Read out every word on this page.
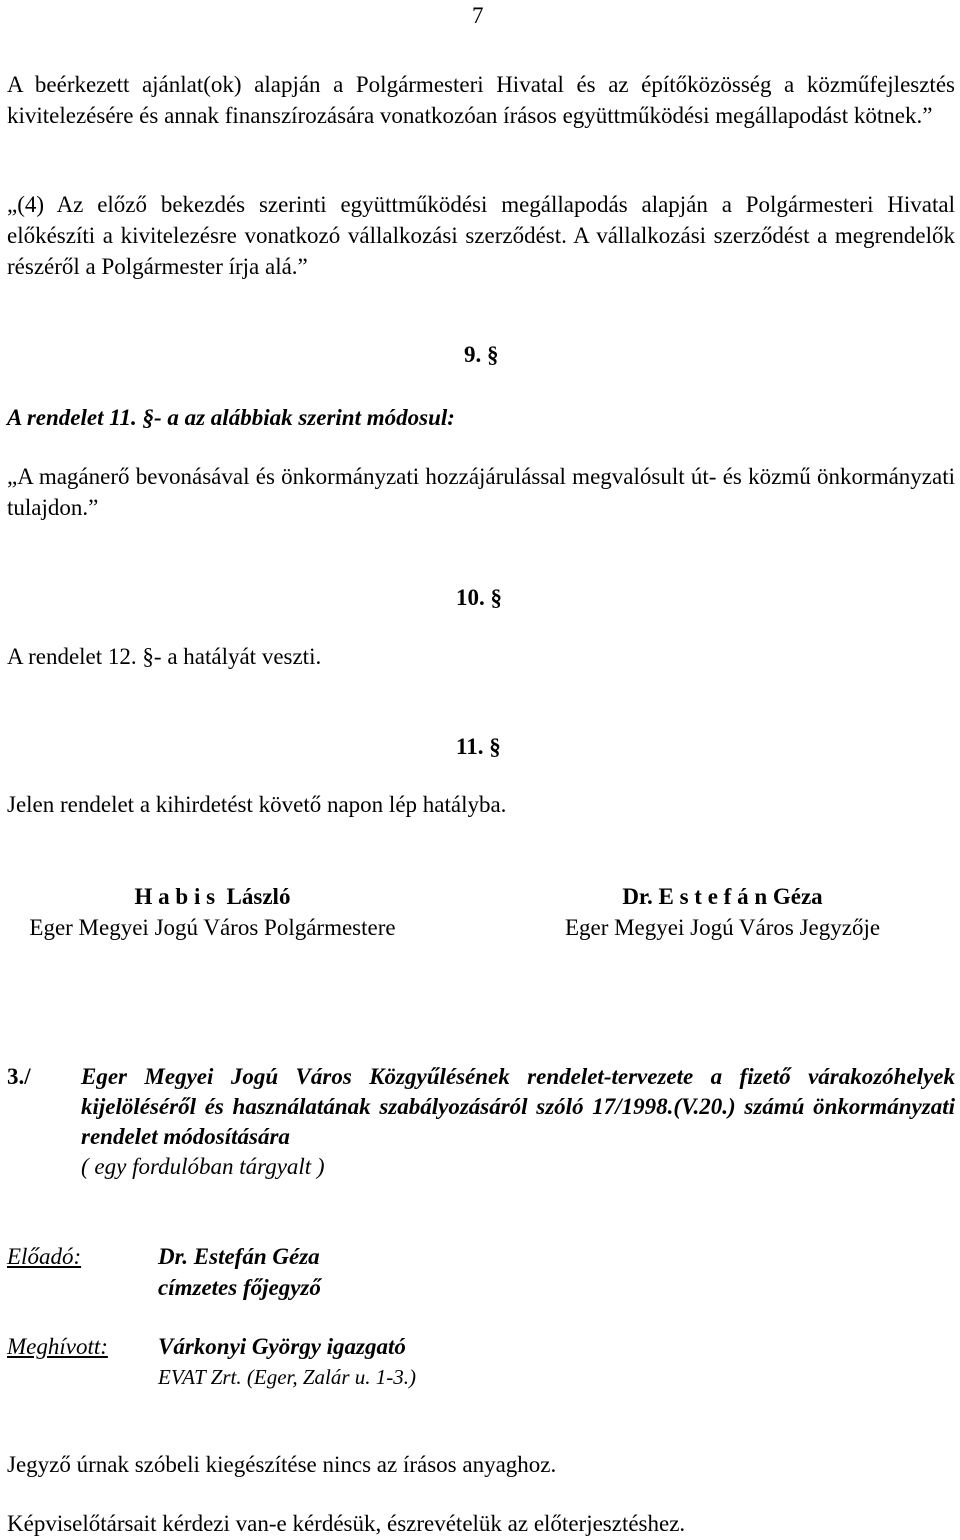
7

A beérkezett ajánlat(ok) alapján a Polgármesteri Hivatal és az építőközösség a közműfejlesztés kivitelezésére és annak finanszírozására vonatkozóan írásos együttműködési megállapodást kötnek.”

„(4) Az előző bekezdés szerinti együttműködési megállapodás alapján a Polgármesteri Hivatal előkészíti a kivitelezésre vonatkozó vállalkozási szerződést. A vállalkozási szerződést a megrendelők részéről a Polgármester írja alá.”

9. §
A rendelet 11. §- a az alábbiak szerint módosul:

„A magánerő bevonásával és önkormányzati hozzájárulással megvalósult út- és közmű önkormányzati tulajdon.”

10. §
A rendelet 12. §- a hatályát veszti.
11. §
Jelen rendelet a kihirdetést követő napon lép hatályba.
H a b i s  László
Eger Megyei Jogú Város Polgármestere
Dr. E s t e f á n Géza
Eger Megyei Jogú Város Jegyzője
3./ Eger Megyei Jogú Város Közgyűlésének rendelet-tervezete a fizető várakozóhelyek kijelöléséről és használatának szabályozásáról szóló 17/1998.(V.20.) számú önkormányzati rendelet módosítására
( egy fordulóban tárgyalt )
Előadó:	Dr. Estefán Géza
címzetes főjegyző
Meghívott: Várkonyi György igazgató
EVAT Zrt. (Eger, Zalár u. 1-3.)
Jegyző úrnak szóbeli kiegészítése nincs az írásos anyaghoz.
Képviselőtársait kérdezi van-e kérdésük, észrevételük az előterjesztéshez.
